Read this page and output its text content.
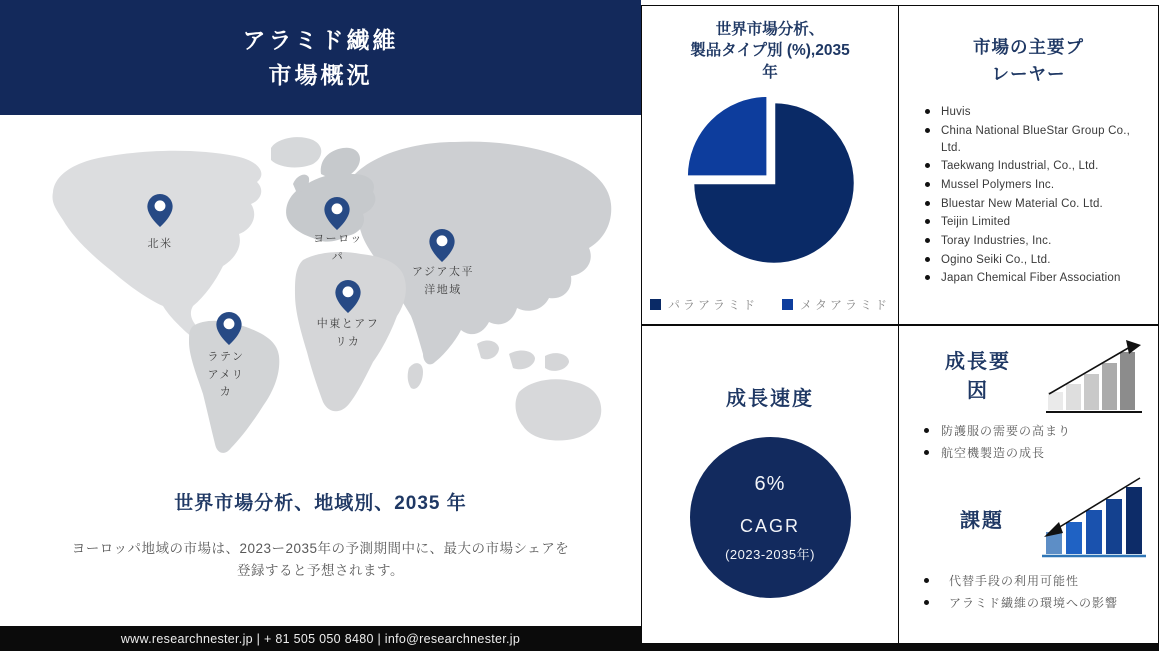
アラミド繊維
市場概況
北米	ヨーロッパ
アジア太平洋地域
中東とアフリカ
ラテンアメリカ
世界市場分析、地域別、2035 年
ヨーロッパ地域の市場は、2023ー2035年の予測期間中に、最大の市場シェアを登録すると予想されます。
www.researchnester.jp | + 81 505 050 8480 | info@researchnester.jp
世界市場分析、
製品タイプ別 (%),2035
年
パラアラミド	メタアラミド
市場の主要プ
レーヤー
Huvis
China National BlueStar Group Co., Ltd.
Taekwang Industrial, Co., Ltd.
Mussel Polymers Inc.
Bluestar New Material Co. Ltd.
Teijin Limited
Toray Industries, Inc.
Ogino Seiki Co., Ltd.
Japan Chemical Fiber Association
成長速度
6%
CAGR
(2023-2035年)
成長要
因
防護服の需要の高まり
航空機製造の成長
課題
代替手段の利用可能性
アラミド繊維の環境への影響
